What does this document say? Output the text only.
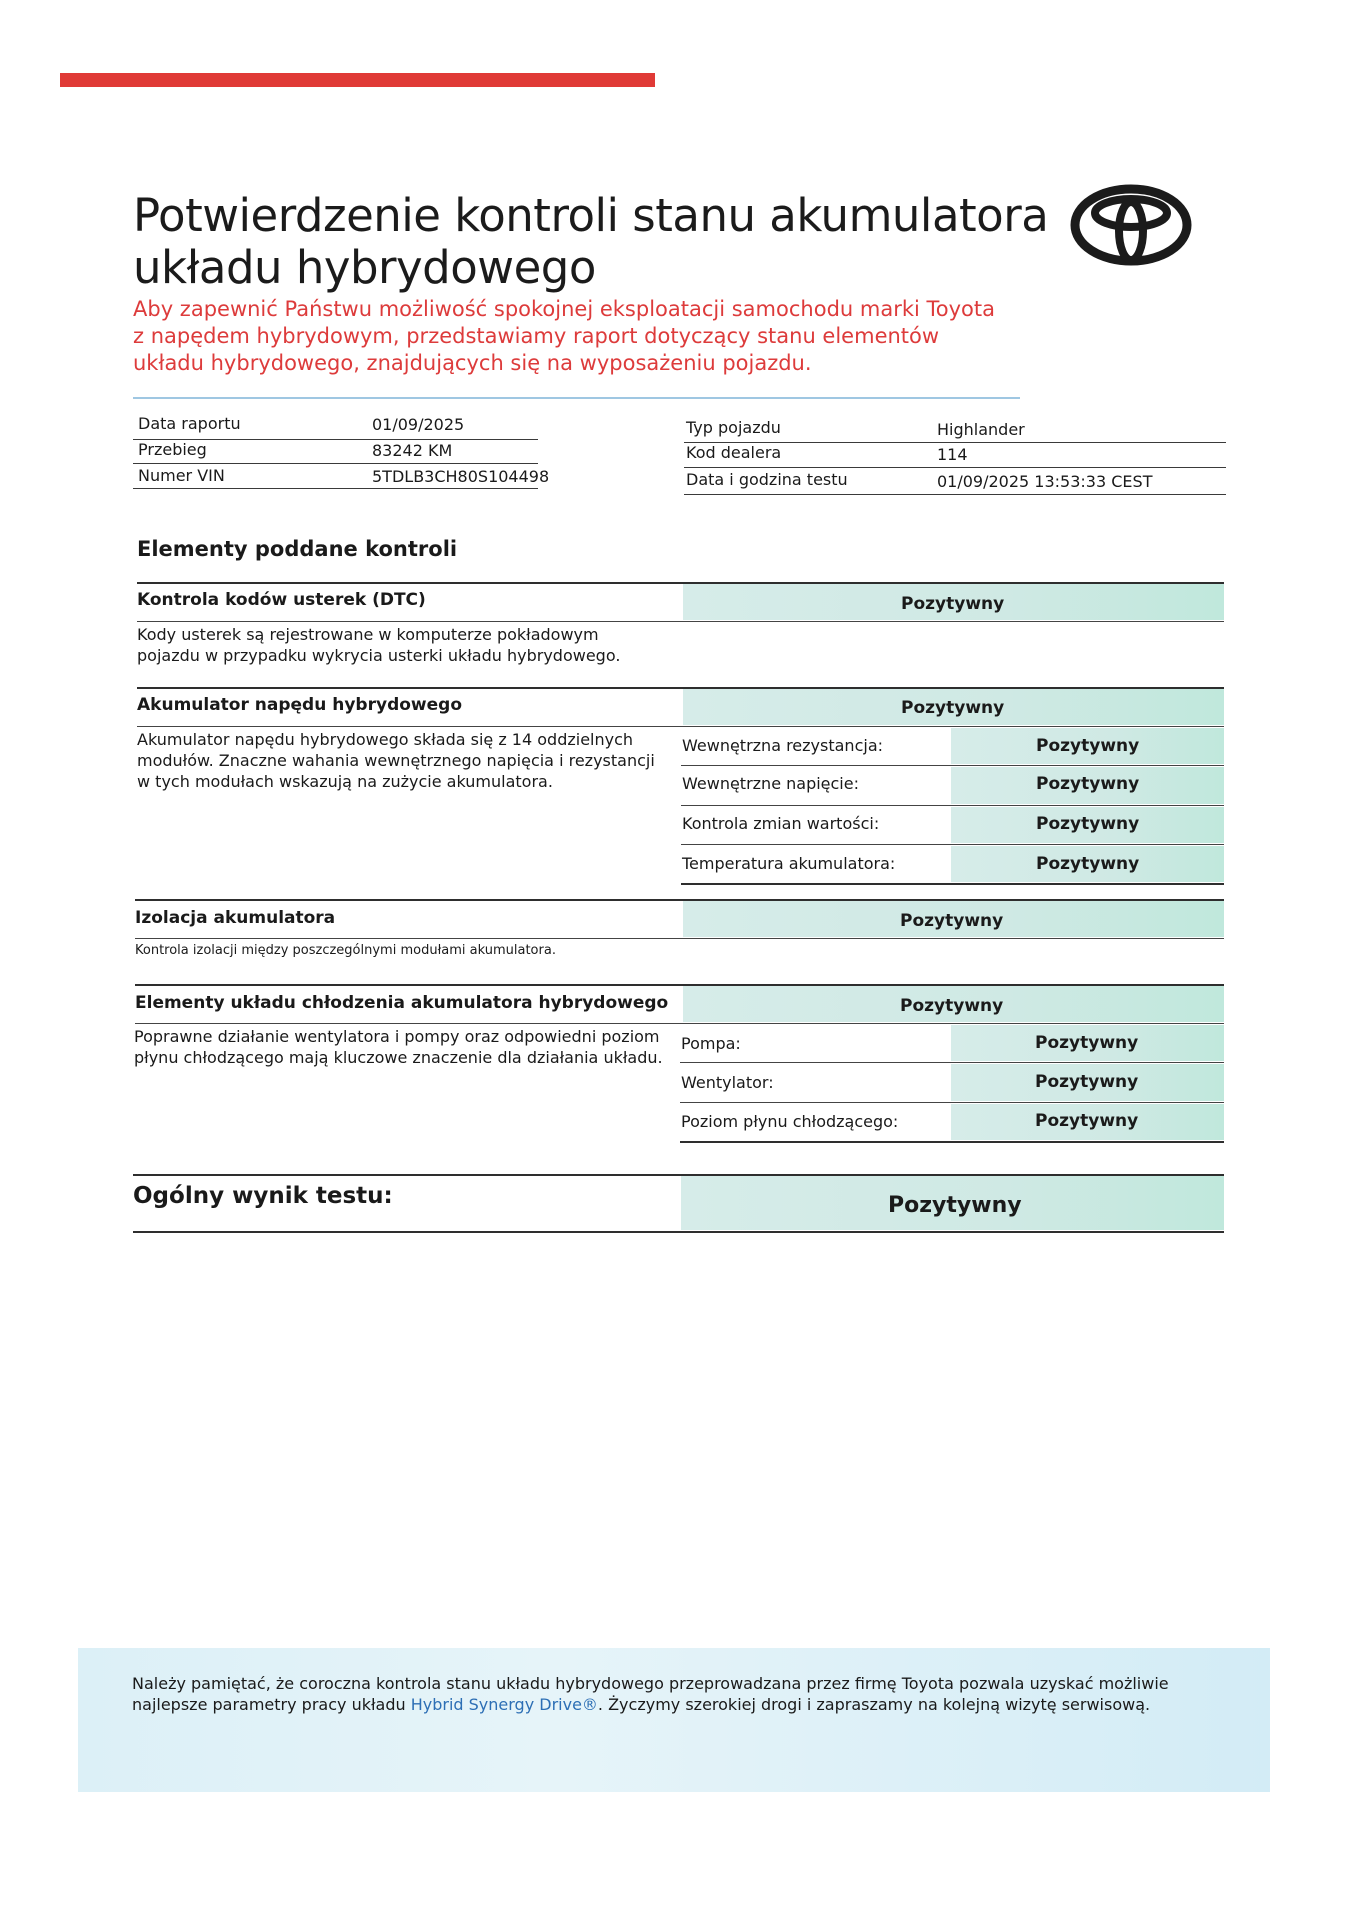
Potwierdzenie kontroli stanu akumulatora
układu hybrydowego
Aby zapewnić Państwu możliwość spokojnej eksploatacji samochodu marki Toyota
z napędem hybrydowym, przedstawiamy raport dotyczący stanu elementów
układu hybrydowego, znajdujących się na wyposażeniu pojazdu.
Data raportu	01/09/2025
Przebieg	83242 KM
Numer VIN	5TDLB3CH80S104498
Typ pojazdu	Highlander
Kod dealera	114
Data i godzina testu	01/09/2025 13:53:33 CEST
Elementy poddane kontroli
Kontrola kodów usterek (DTC)	Pozytywny
Kody usterek są rejestrowane w komputerze pokładowym
pojazdu w przypadku wykrycia usterki układu hybrydowego.
Akumulator napędu hybrydowego	Pozytywny
Akumulator napędu hybrydowego składa się z 14 oddzielnych
modułów. Znaczne wahania wewnętrznego napięcia i rezystancji
w tych modułach wskazują na zużycie akumulatora.
Wewnętrzna rezystancja:	Pozytywny
Wewnętrzne napięcie:	Pozytywny
Kontrola zmian wartości:	Pozytywny
Temperatura akumulatora:	Pozytywny
Izolacja akumulatora	Pozytywny
Kontrola izolacji między poszczególnymi modułami akumulatora.
Elementy układu chłodzenia akumulatora hybrydowego	Pozytywny
Poprawne działanie wentylatora i pompy oraz odpowiedni poziom
płynu chłodzącego mają kluczowe znaczenie dla działania układu.
Pompa:	Pozytywny
Wentylator:	Pozytywny
Poziom płynu chłodzącego:	Pozytywny
Ogólny wynik testu:	Pozytywny
Należy pamiętać, że coroczna kontrola stanu układu hybrydowego przeprowadzana przez firmę Toyota pozwala uzyskać możliwie
najlepsze parametry pracy układu Hybrid Synergy Drive®. Życzymy szerokiej drogi i zapraszamy na kolejną wizytę serwisową.
